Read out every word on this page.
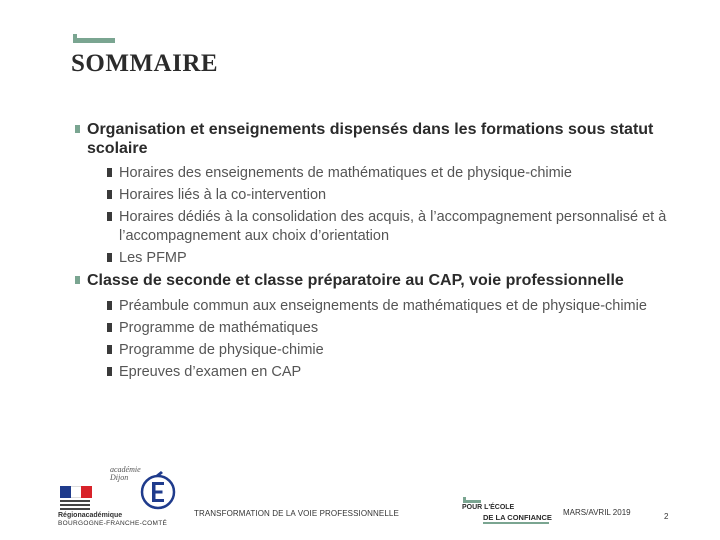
SOMMAIRE
Organisation et enseignements dispensés dans les formations sous statut scolaire
Horaires des enseignements de mathématiques et de physique-chimie
Horaires liés à la co-intervention
Horaires dédiés à la consolidation des acquis, à l’accompagnement personnalisé et à l’accompagnement aux choix d’orientation
Les PFMP
Classe de seconde et classe préparatoire au CAP, voie professionnelle
Préambule commun aux enseignements de mathématiques et de physique-chimie
Programme de mathématiques
Programme de physique-chimie
Epreuves d’examen en CAP
Régionacadémique
BOURGOGNE-FRANCHE-COMTÉ
académie
Dijon
TRANSFORMATION DE LA VOIE PROFESSIONNELLE
POUR L'ÉCOLE
DE LA CONFIANCE
MARS/AVRIL 2019	2
